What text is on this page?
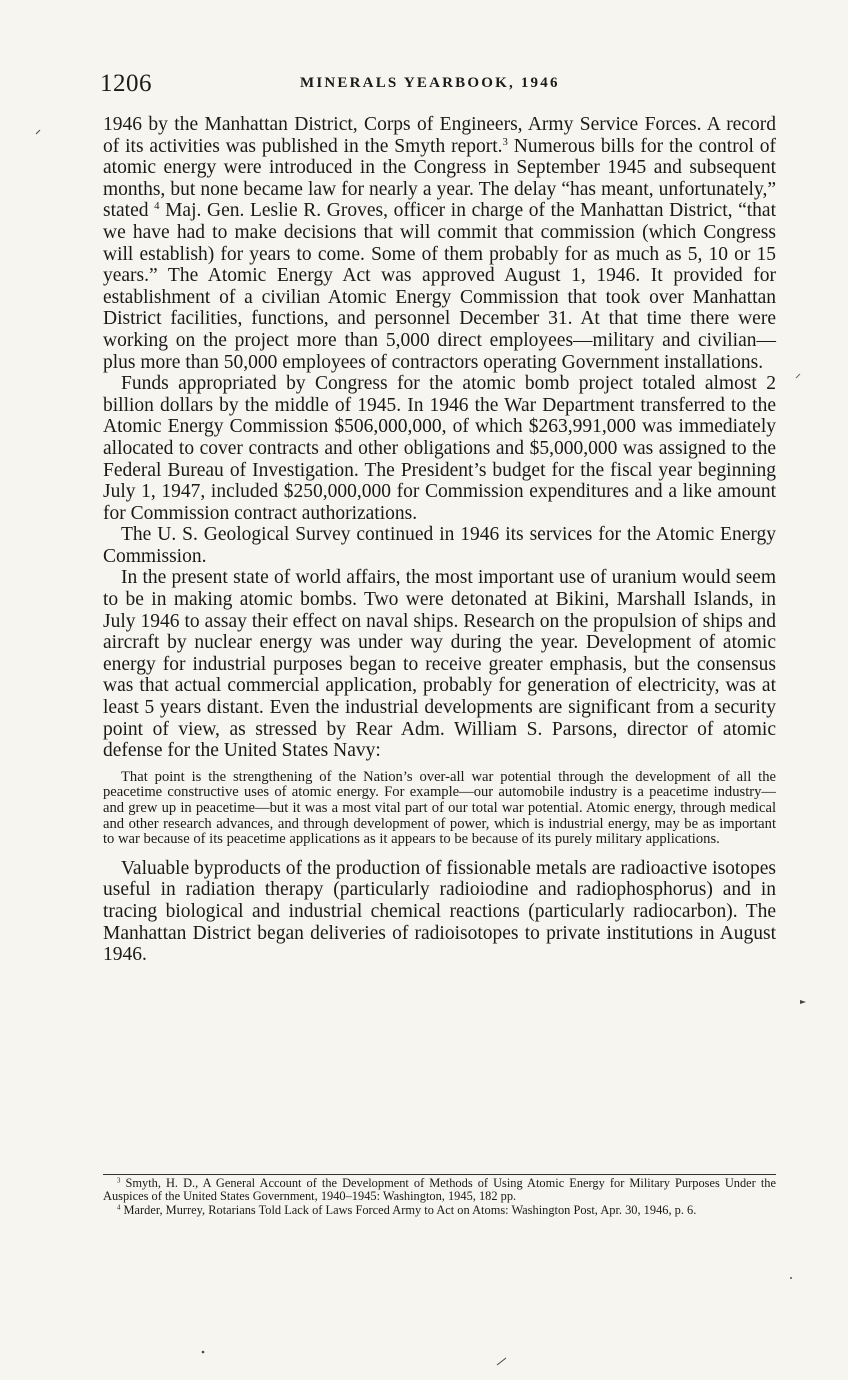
1206	MINERALS YEARBOOK, 1946

1946 by the Manhattan District, Corps of Engineers, Army Service Forces. A record of its activities was published in the Smyth report.$^3$ Numerous bills for the control of atomic energy were introduced in the Congress in September 1945 and subsequent months, but none became law for nearly a year. The delay “has meant, unfortunately,” stated $^4$ Maj. Gen. Leslie R. Groves, officer in charge of the Manhattan District, “that we have had to make decisions that will commit that commission (which Congress will establish) for years to come. Some of them probably for as much as 5, 10 or 15 years.” The Atomic Energy Act was approved August 1, 1946. It provided for establishment of a civilian Atomic Energy Commission that took over Manhattan District facilities, functions, and personnel December 31. At that time there were working on the project more than 5,000 direct employees—military and civilian—plus more than 50,000 employees of contractors operating Government installations.

Funds appropriated by Congress for the atomic bomb project totaled almost 2 billion dollars by the middle of 1945. In 1946 the War Department transferred to the Atomic Energy Commission $506,000,000, of which $263,991,000 was immediately allocated to cover contracts and other obligations and $5,000,000 was assigned to the Federal Bureau of Investigation. The President’s budget for the fiscal year beginning July 1, 1947, included $250,000,000 for Commission expenditures and a like amount for Commission contract authorizations.

The U. S. Geological Survey continued in 1946 its services for the Atomic Energy Commission.

In the present state of world affairs, the most important use of uranium would seem to be in making atomic bombs. Two were detonated at Bikini, Marshall Islands, in July 1946 to assay their effect on naval ships. Research on the propulsion of ships and aircraft by nuclear energy was under way during the year. Development of atomic energy for industrial purposes began to receive greater emphasis, but the consensus was that actual commercial application, probably for generation of electricity, was at least 5 years distant. Even the industrial developments are significant from a security point of view, as stressed by Rear Adm. William S. Parsons, director of atomic defense for the United States Navy:

That point is the strengthening of the Nation’s over-all war potential through the development of all the peacetime constructive uses of atomic energy. For example—our automobile industry is a peacetime industry—and grew up in peacetime—but it was a most vital part of our total war potential. Atomic energy, through medical and other research advances, and through development of power, which is industrial energy, may be as important to war because of its peacetime applications as it appears to be because of its purely military applications.

Valuable byproducts of the production of fissionable metals are radioactive isotopes useful in radiation therapy (particularly radioiodine and radiophosphorus) and in tracing biological and industrial chemical reactions (particularly radiocarbon). The Manhattan District began deliveries of radioisotopes to private institutions in August 1946.

$^3$ Smyth, H. D., A General Account of the Development of Methods of Using Atomic Energy for Military Purposes Under the Auspices of the United States Government, 1940–1945: Washington, 1945, 182 pp.

$^4$ Marder, Murrey, Rotarians Told Lack of Laws Forced Army to Act on Atoms: Washington Post, Apr. 30, 1946, p. 6.
